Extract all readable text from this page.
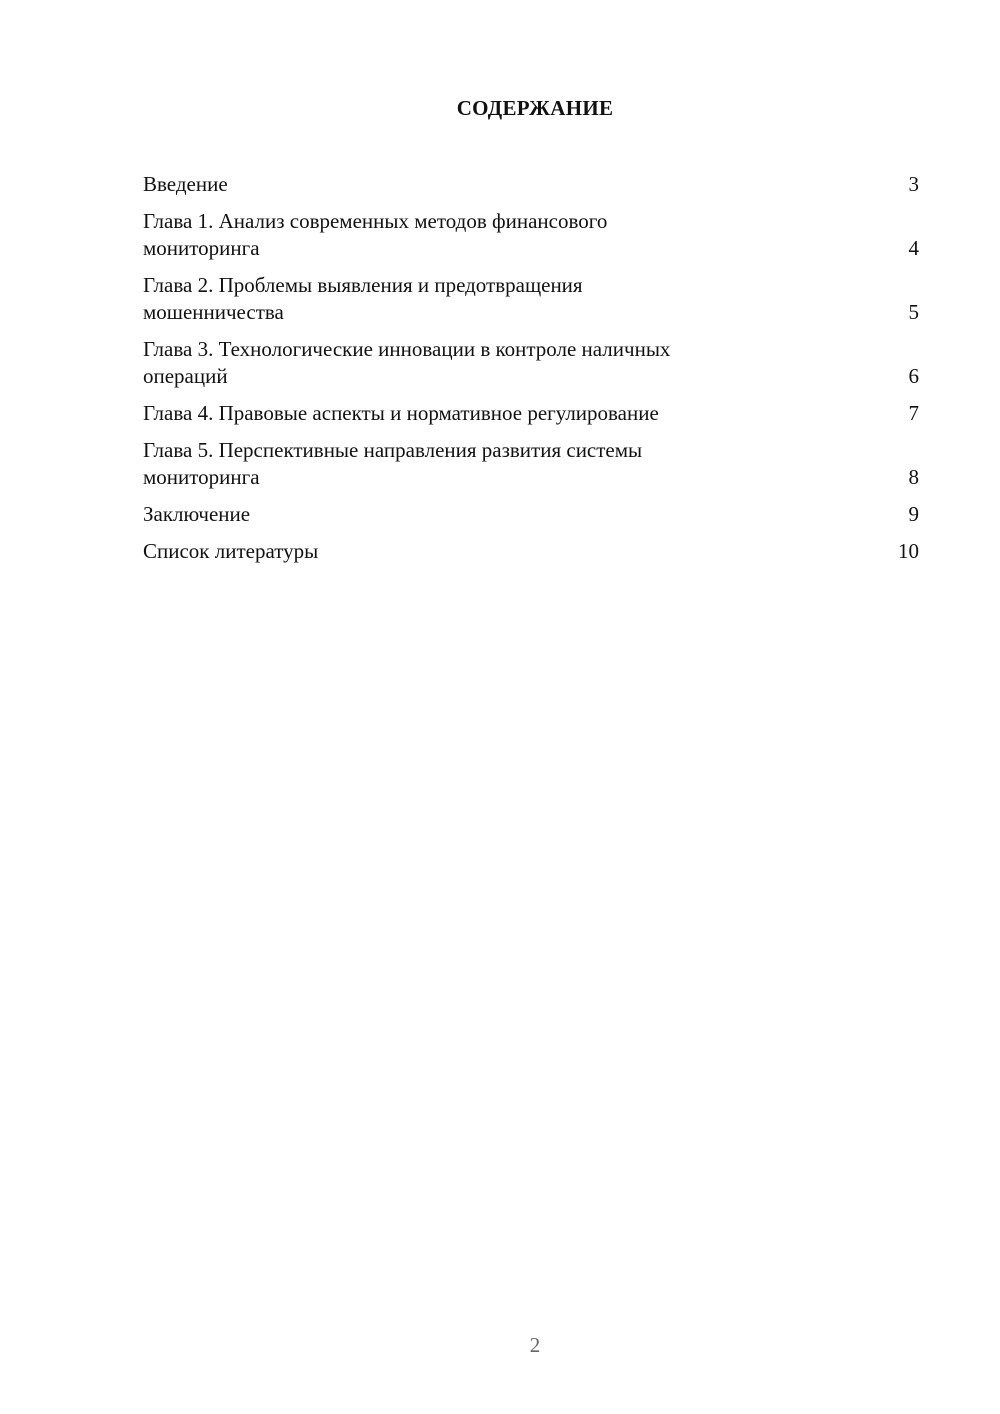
СОДЕРЖАНИЕ
Введение	3
Глава 1. Анализ современных методов финансового
мониторинга	4
Глава 2. Проблемы выявления и предотвращения
мошенничества	5
Глава 3. Технологические инновации в контроле наличных
операций	6
Глава 4. Правовые аспекты и нормативное регулирование	7
Глава 5. Перспективные направления развития системы
мониторинга	8
Заключение	9
Список литературы	10
2
